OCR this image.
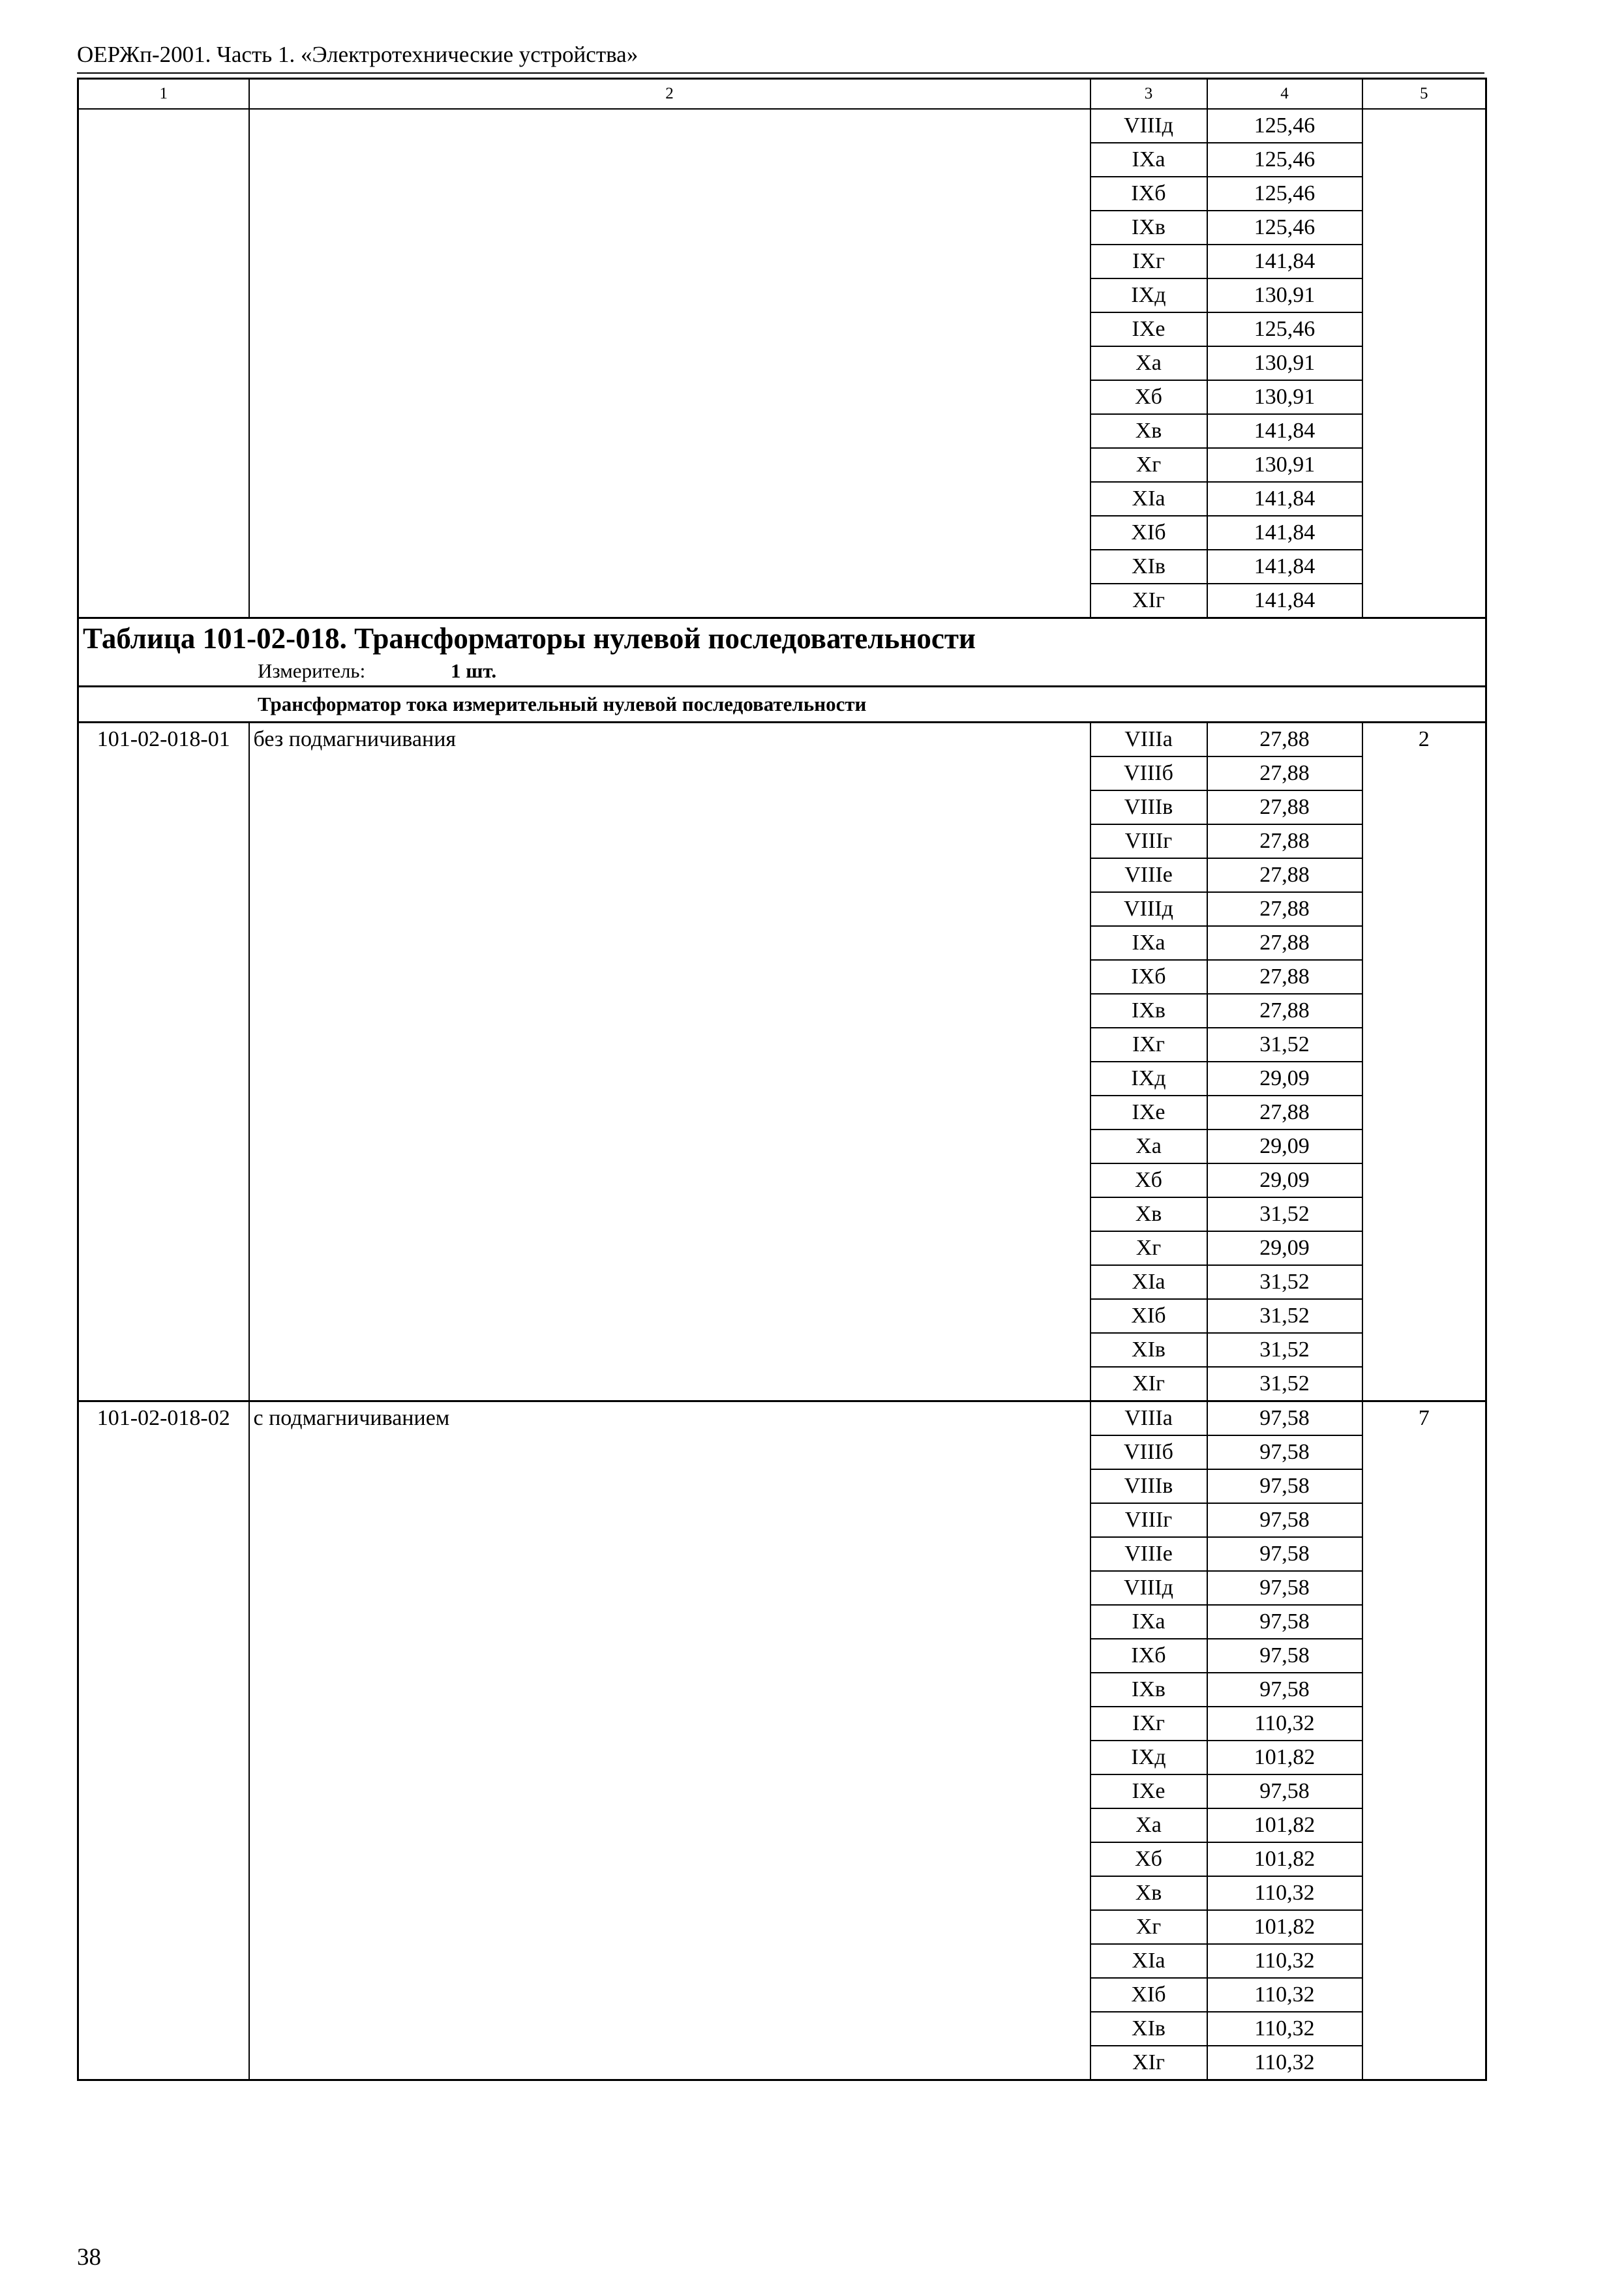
ОЕРЖп-2001. Часть 1. «Электротехнические устройства»
1	2	3	4	5
		VIIIд	125,46	
		IXа	125,46	
		IXб	125,46	
		IXв	125,46	
		IXг	141,84	
		IXд	130,91	
		IXе	125,46	
		Xа	130,91	
		Xб	130,91	
		Xв	141,84	
		Xг	130,91	
		XIа	141,84	
		XIб	141,84	
		XIв	141,84	
		XIг	141,84	

Таблица 101-02-018. Трансформаторы нулевой последовательности
Измеритель: 1 шт.				

Трансформатор тока измерительный нулевой последовательности				
101-02-018-01	без подмагничивания	VIIIа	27,88	2
		VIIIб	27,88	
		VIIIв	27,88	
		VIIIг	27,88	
		VIIIе	27,88	
		VIIIд	27,88	
		IXа	27,88	
		IXб	27,88	
		IXв	27,88	
		IXг	31,52	
		IXд	29,09	
		IXе	27,88	
		Xа	29,09	
		Xб	29,09	
		Xв	31,52	
		Xг	29,09	
		XIа	31,52	
		XIб	31,52	
		XIв	31,52	
		XIг	31,52	
101-02-018-02	с подмагничиванием	VIIIа	97,58	7
		VIIIб	97,58	
		VIIIв	97,58	
		VIIIг	97,58	
		VIIIе	97,58	
		VIIIд	97,58	
		IXа	97,58	
		IXб	97,58	
		IXв	97,58	
		IXг	110,32	
		IXд	101,82	
		IXе	97,58	
		Xа	101,82	
		Xб	101,82	
		Xв	110,32	
		Xг	101,82	
		XIа	110,32	
		XIб	110,32	
		XIв	110,32	
		XIг	110,32	
38
